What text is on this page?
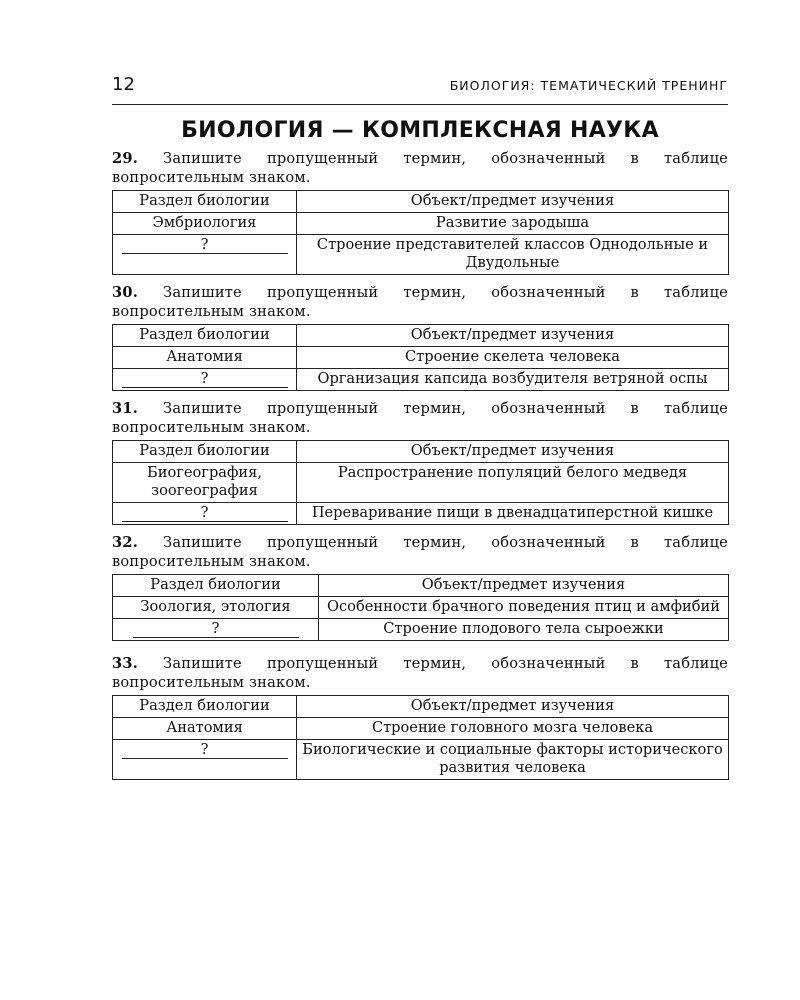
12	БИОЛОГИЯ: ТЕМАТИЧЕСКИЙ ТРЕНИНГ
БИОЛОГИЯ — КОМПЛЕКСНАЯ НАУКА

29. Запишите пропущенный термин, обозначенный в таблице вопросительным знаком.

Раздел биологии	Объект/предмет изучения
Эмбриология	Развитие зародыша
?	Строение представителей классов Однодольные и Двудольные

30. Запишите пропущенный термин, обозначенный в таблице вопросительным знаком.

Раздел биологии	Объект/предмет изучения
Анатомия	Строение скелета человека
?	Организация капсида возбудителя ветряной оспы

31. Запишите пропущенный термин, обозначенный в таблице вопросительным знаком.

Раздел биологии	Объект/предмет изучения
Биогеография, зоогеография	Распространение популяций белого медведя
?	Переваривание пищи в двенадцатиперстной кишке

32. Запишите пропущенный термин, обозначенный в таблице вопросительным знаком.

Раздел биологии	Объект/предмет изучения
Зоология, этология	Особенности брачного поведения птиц и амфибий
?	Строение плодового тела сыроежки

33. Запишите пропущенный термин, обозначенный в таблице вопросительным знаком.

Раздел биологии	Объект/предмет изучения
Анатомия	Строение головного мозга человека
?	Биологические и социальные факторы исторического развития человека
